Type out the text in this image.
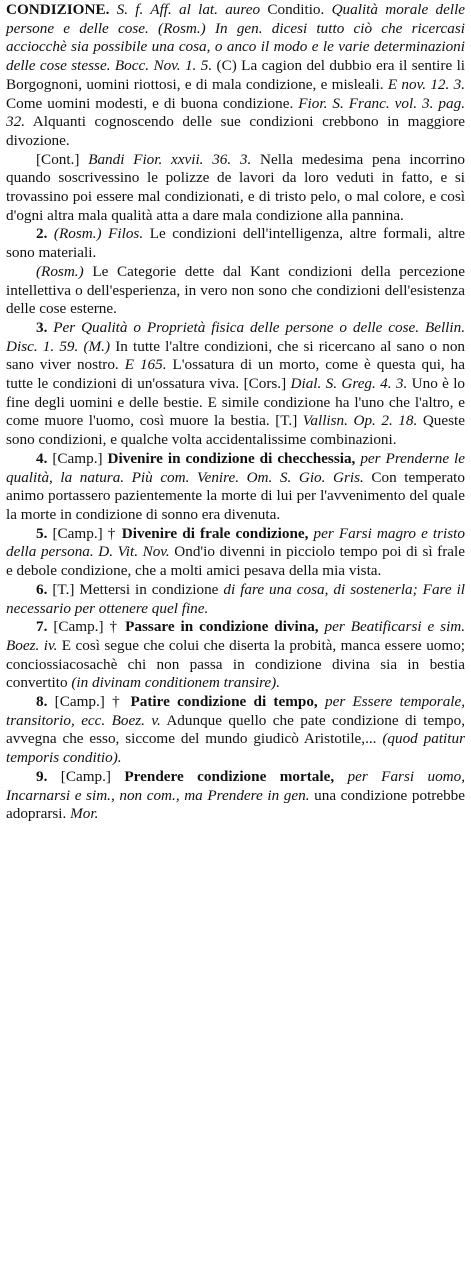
CONDIZIONE. S. f. Aff. al lat. aureo Conditio. Qualità morale delle persone e delle cose. (Rosm.) In gen. dicesi tutto ciò che ricercasi acciocchè sia possibile una cosa, o anco il modo e le varie determinazioni delle cose stesse. Bocc. Nov. 1. 5. (C) La cagion del dubbio era il sentire li Borgognoni, uomini riottosi, e di mala condizione, e misleali. E nov. 12. 3. Come uomini modesti, e di buona condizione. Fior. S. Franc. vol. 3. pag. 32. Alquanti cognoscendo delle sue condizioni crebbono in maggiore divozione.

[Cont.] Bandi Fior. xxvii. 36. 3. Nella medesima pena incorrino quando soscrivessino le polizze de lavori da loro veduti in fatto, e si trovassino poi essere mal condizionati, e di tristo pelo, o mal colore, e così d'ogni altra mala qualità atta a dare mala condizione alla pannina.

2. (Rosm.) Filos. Le condizioni dell'intelligenza, altre formali, altre sono materiali.

(Rosm.) Le Categorie dette dal Kant condizioni della percezione intellettiva o dell'esperienza, in vero non sono che condizioni dell'esistenza delle cose esterne.

3. Per Qualità o Proprietà fisica delle persone o delle cose. Bellin. Disc. 1. 59. (M.) In tutte l'altre condizioni, che si ricercano al sano o non sano viver nostro. E 165. L'ossatura di un morto, come è questa qui, ha tutte le condizioni di un'ossatura viva. [Cors.] Dial. S. Greg. 4. 3. Uno è lo fine degli uomini e delle bestie. E simile condizione ha l'uno che l'altro, e come muore l'uomo, così muore la bestia. [T.] Vallisn. Op. 2. 18. Queste sono condizioni, e qualche volta accidentalissime combinazioni.

4. [Camp.] Divenire in condizione di checchessia, per Prenderne le qualità, la natura. Più com. Venire. Om. S. Gio. Gris. Con temperato animo portassero pazientemente la morte di lui per l'avvenimento del quale la morte in condizione di sonno era divenuta.

5. [Camp.] † Divenire di frale condizione, per Farsi magro e tristo della persona. D. Vit. Nov. Ond'io divenni in picciolo tempo poi di sì frale e debole condizione, che a molti amici pesava della mia vista.

6. [T.] Mettersi in condizione di fare una cosa, di sostenerla; Fare il necessario per ottenere quel fine.

7. [Camp.] † Passare in condizione divina, per Beatificarsi e sim. Boez. iv. E così segue che colui che diserta la probità, manca essere uomo; conciossiacosachè chi non passa in condizione divina sia in bestia convertito (in divinam conditionem transire).

8. [Camp.] † Patire condizione di tempo, per Essere temporale, transitorio, ecc. Boez. v. Adunque quello che pate condizione di tempo, avvegna che esso, siccome del mundo giudicò Aristotile,... (quod patitur temporis conditio).

9. [Camp.] Prendere condizione mortale, per Farsi uomo, Incarnarsi e sim., non com., ma Prendere in gen. una condizione potrebbe adoprarsi. Mor.
